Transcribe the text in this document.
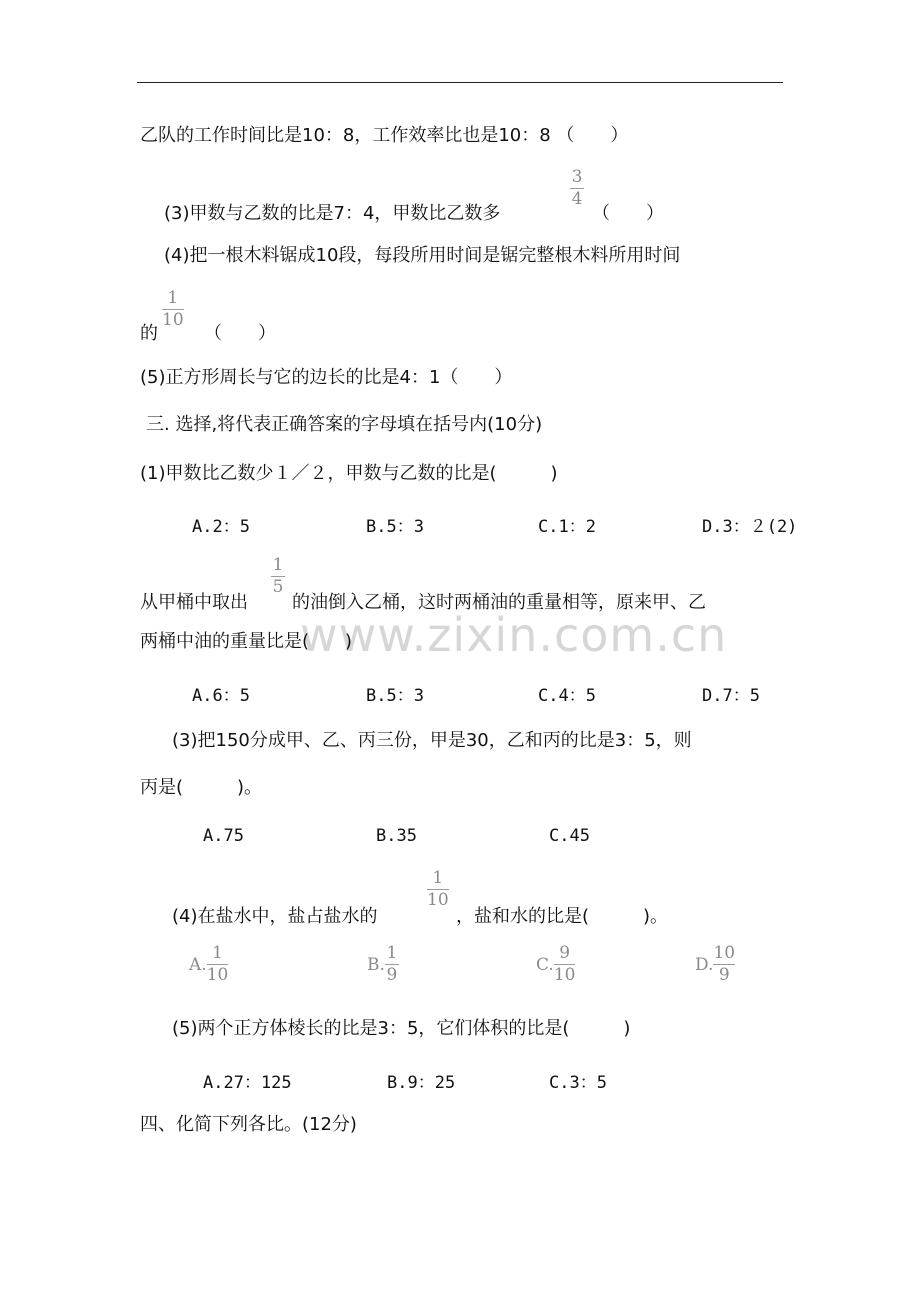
www.zixin.com.cn
乙队的工作时间比是10：8，工作效率比也是10：8 （　　）
(3)甲数与乙数的比是7：4，甲数比乙数多
3
4
（　　）
(4)把一根木料锯成10段，每段所用时间是锯完整根木料所用时间
的
1
10
（　　）
(5)正方形周长与它的边长的比是4：1（　　）
三. 选择,将代表正确答案的字母填在括号内(10分)
(1)甲数比乙数少１／２，甲数与乙数的比是(　　　)
A.2：5	B.5：3	C.1：2	D.3：２(2)
从甲桶中取出
1
5
的油倒入乙桶，这时两桶油的重量相等，原来甲、乙
两桶中油的重量比是(　　)
A.6：5	B.5：3	C.4：5	D.7：5
(3)把150分成甲、乙、丙三份，甲是30，乙和丙的比是3：5，则
丙是(　　　)。
A.75	B.35	C.45
(4)在盐水中，盐占盐水的
1
10
，盐和水的比是(　　　)。
A. $\frac{1}{10}$	B. $\frac{1}{9}$	C. $\frac{9}{10}$	D. $\frac{10}{9}$
(5)两个正方体棱长的比是3：5，它们体积的比是(　　　)
A.27：125	B.9：25	C.3：5
四、化简下列各比。(12分)
